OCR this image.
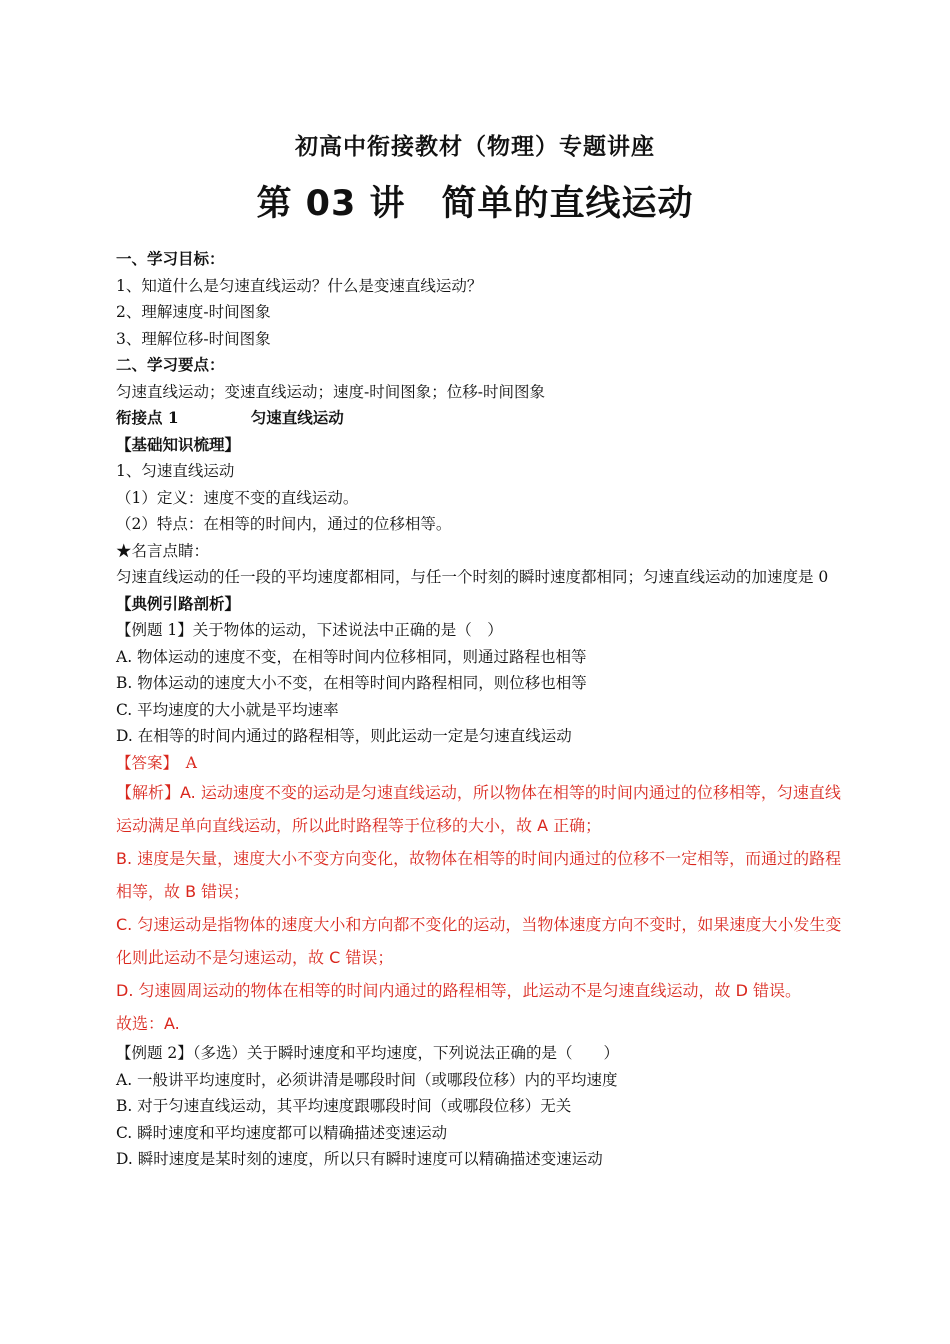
初高中衔接教材（物理）专题讲座
第 03 讲　简单的直线运动
一、学习目标：
1、知道什么是匀速直线运动？什么是变速直线运动？
2、理解速度-时间图象
3、理解位移-时间图象
二、学习要点：
匀速直线运动；变速直线运动；速度-时间图象；位移-时间图象
衔接点 1	匀速直线运动
【基础知识梳理】
1、匀速直线运动
（1）定义：速度不变的直线运动。
（2）特点：在相等的时间内，通过的位移相等。
★名言点睛：
匀速直线运动的任一段的平均速度都相同，与任一个时刻的瞬时速度都相同；匀速直线运动的加速度是 0
【典例引路剖析】
【例题 1】关于物体的运动，下述说法中正确的是（　）
A. 物体运动的速度不变，在相等时间内位移相同，则通过路程也相等
B. 物体运动的速度大小不变，在相等时间内路程相同，则位移也相等
C. 平均速度的大小就是平均速率
D. 在相等的时间内通过的路程相等，则此运动一定是匀速直线运动
【答案】　A
【解析】A. 运动速度不变的运动是匀速直线运动，所以物体在相等的时间内通过的位移相等，匀速直线运动满足单向直线运动，所以此时路程等于位移的大小，故 A 正确；
B. 速度是矢量，速度大小不变方向变化，故物体在相等的时间内通过的位移不一定相等，而通过的路程相等，故 B 错误；
C. 匀速运动是指物体的速度大小和方向都不变化的运动，当物体速度方向不变时，如果速度大小发生变化则此运动不是匀速运动，故 C 错误；
D. 匀速圆周运动的物体在相等的时间内通过的路程相等，此运动不是匀速直线运动，故 D 错误。
故选：A.
【例题 2】（多选）关于瞬时速度和平均速度，下列说法正确的是（　　）
A. 一般讲平均速度时，必须讲清是哪段时间（或哪段位移）内的平均速度
B. 对于匀速直线运动，其平均速度跟哪段时间（或哪段位移）无关
C. 瞬时速度和平均速度都可以精确描述变速运动
D. 瞬时速度是某时刻的速度，所以只有瞬时速度可以精确描述变速运动
